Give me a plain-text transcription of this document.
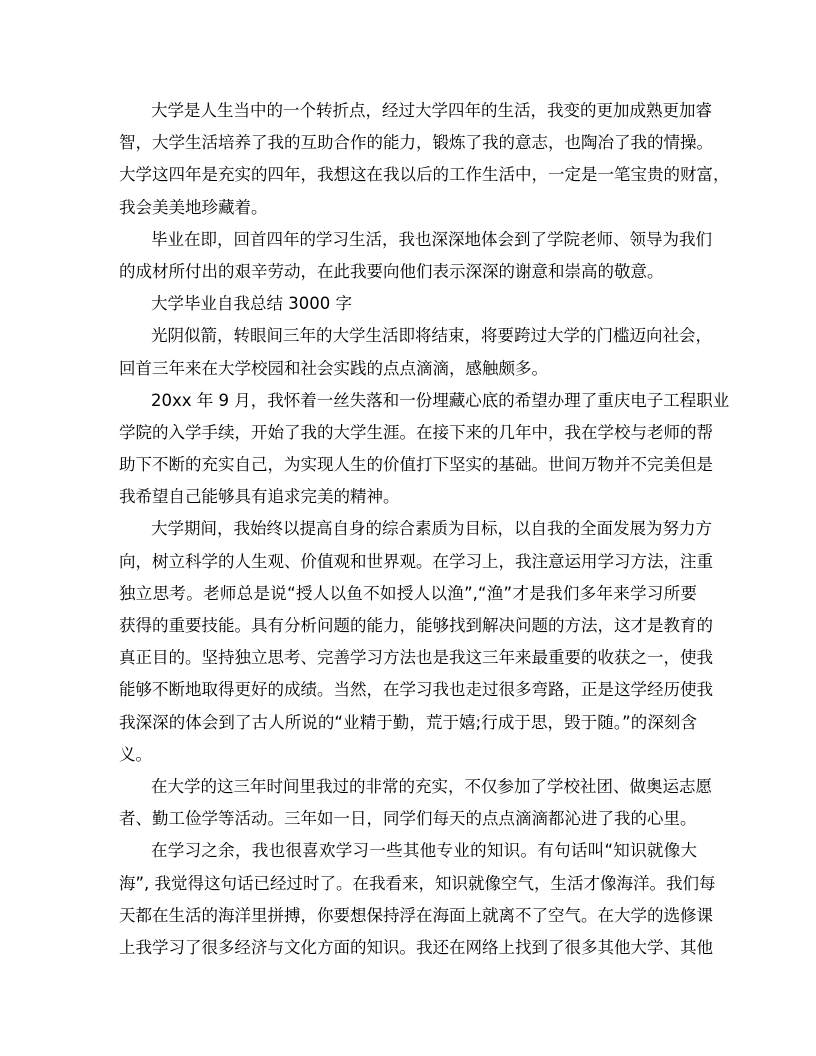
大学是人生当中的一个转折点，经过大学四年的生活，我变的更加成熟更加睿
智，大学生活培养了我的互助合作的能力，锻炼了我的意志，也陶冶了我的情操。
大学这四年是充实的四年，我想这在我以后的工作生活中，一定是一笔宝贵的财富，
我会美美地珍藏着。
毕业在即，回首四年的学习生活，我也深深地体会到了学院老师、领导为我们
的成材所付出的艰辛劳动，在此我要向他们表示深深的谢意和崇高的敬意。
大学毕业自我总结 3000 字
光阴似箭，转眼间三年的大学生活即将结束，将要跨过大学的门槛迈向社会，
回首三年来在大学校园和社会实践的点点滴滴，感触颇多。
20xx 年 9 月，我怀着一丝失落和一份埋藏心底的希望办理了重庆电子工程职业
学院的入学手续，开始了我的大学生涯。在接下来的几年中，我在学校与老师的帮
助下不断的充实自己，为实现人生的价值打下坚实的基础。世间万物并不完美但是
我希望自己能够具有追求完美的精神。
大学期间，我始终以提高自身的综合素质为目标，以自我的全面发展为努力方
向，树立科学的人生观、价值观和世界观。在学习上，我注意运用学习方法，注重
独立思考。老师总是说“授人以鱼不如授人以渔”,“渔”才是我们多年来学习所要
获得的重要技能。具有分析问题的能力，能够找到解决问题的方法，这才是教育的
真正目的。坚持独立思考、完善学习方法也是我这三年来最重要的收获之一，使我
能够不断地取得更好的成绩。当然，在学习我也走过很多弯路，正是这学经历使我
我深深的体会到了古人所说的“业精于勤，荒于嬉;行成于思，毁于随。”的深刻含
义。
在大学的这三年时间里我过的非常的充实，不仅参加了学校社团、做奥运志愿
者、勤工俭学等活动。三年如一日，同学们每天的点点滴滴都沁进了我的心里。
在学习之余，我也很喜欢学习一些其他专业的知识。有句话叫“知识就像大
海”, 我觉得这句话已经过时了。在我看来，知识就像空气，生活才像海洋。我们每
天都在生活的海洋里拼搏，你要想保持浮在海面上就离不了空气。在大学的选修课
上我学习了很多经济与文化方面的知识。我还在网络上找到了很多其他大学、其他
